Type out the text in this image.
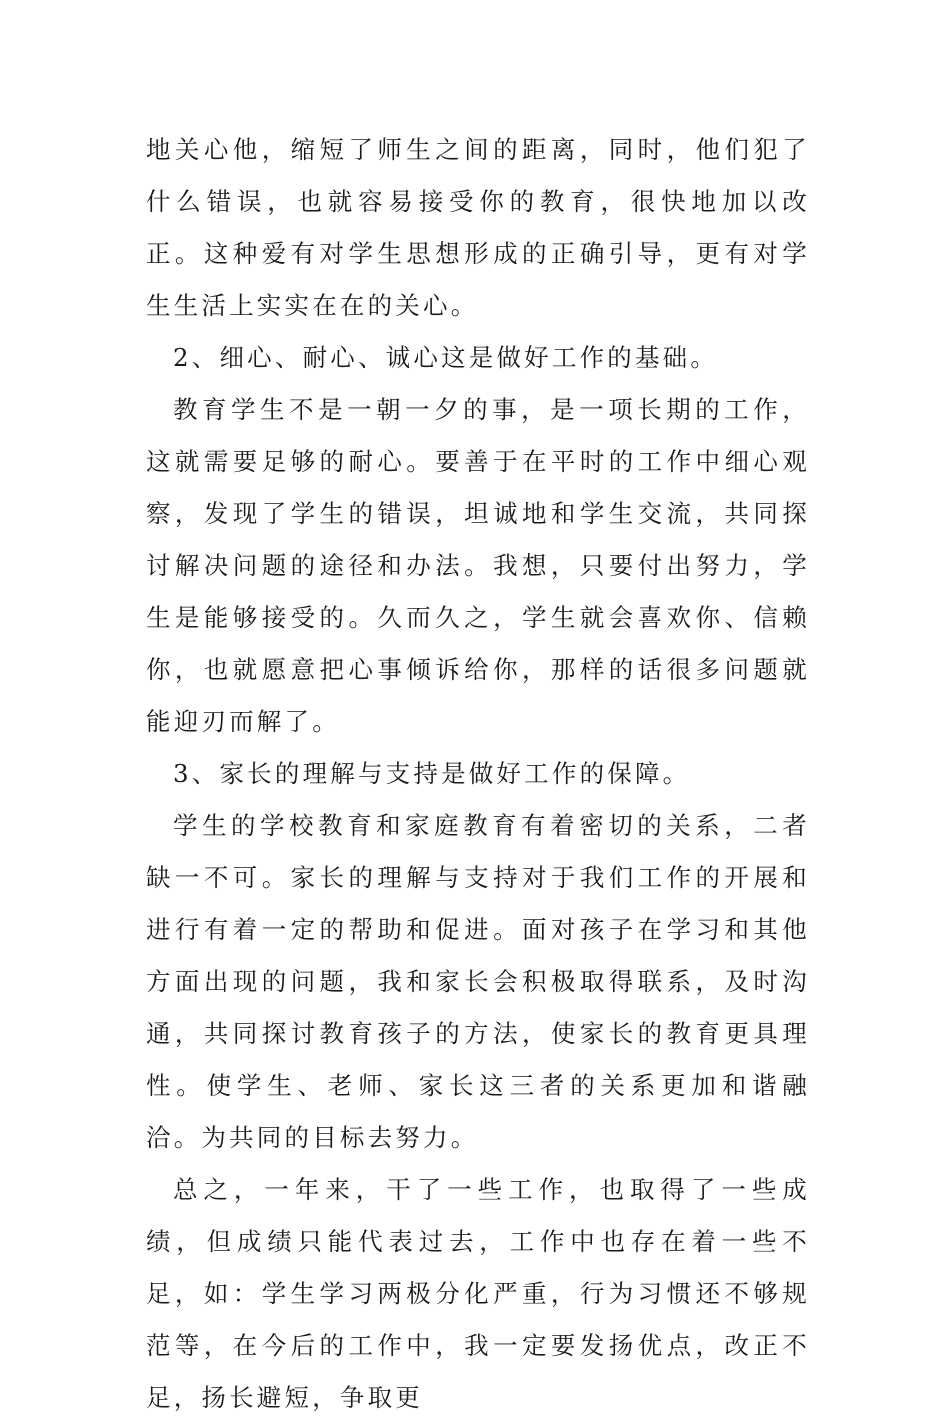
地关心他，缩短了师生之间的距离，同时，他们犯了什么错误，也就容易接受你的教育，很快地加以改正。这种爱有对学生思想形成的正确引导，更有对学生生活上实实在在的关心。

2、细心、耐心、诚心这是做好工作的基础。

教育学生不是一朝一夕的事，是一项长期的工作，这就需要足够的耐心。要善于在平时的工作中细心观察，发现了学生的错误，坦诚地和学生交流，共同探讨解决问题的途径和办法。我想，只要付出努力，学生是能够接受的。久而久之，学生就会喜欢你、信赖你，也就愿意把心事倾诉给你，那样的话很多问题就能迎刃而解了。

3、家长的理解与支持是做好工作的保障。

学生的学校教育和家庭教育有着密切的关系，二者缺一不可。家长的理解与支持对于我们工作的开展和进行有着一定的帮助和促进。面对孩子在学习和其他方面出现的问题，我和家长会积极取得联系，及时沟通，共同探讨教育孩子的方法，使家长的教育更具理性。使学生、老师、家长这三者的关系更加和谐融洽。为共同的目标去努力。

总之，一年来，干了一些工作，也取得了一些成绩，但成绩只能代表过去，工作中也存在着一些不足，如：学生学习两极分化严重，行为习惯还不够规范等，在今后的工作中，我一定要发扬优点，改正不足，扬长避短，争取更
